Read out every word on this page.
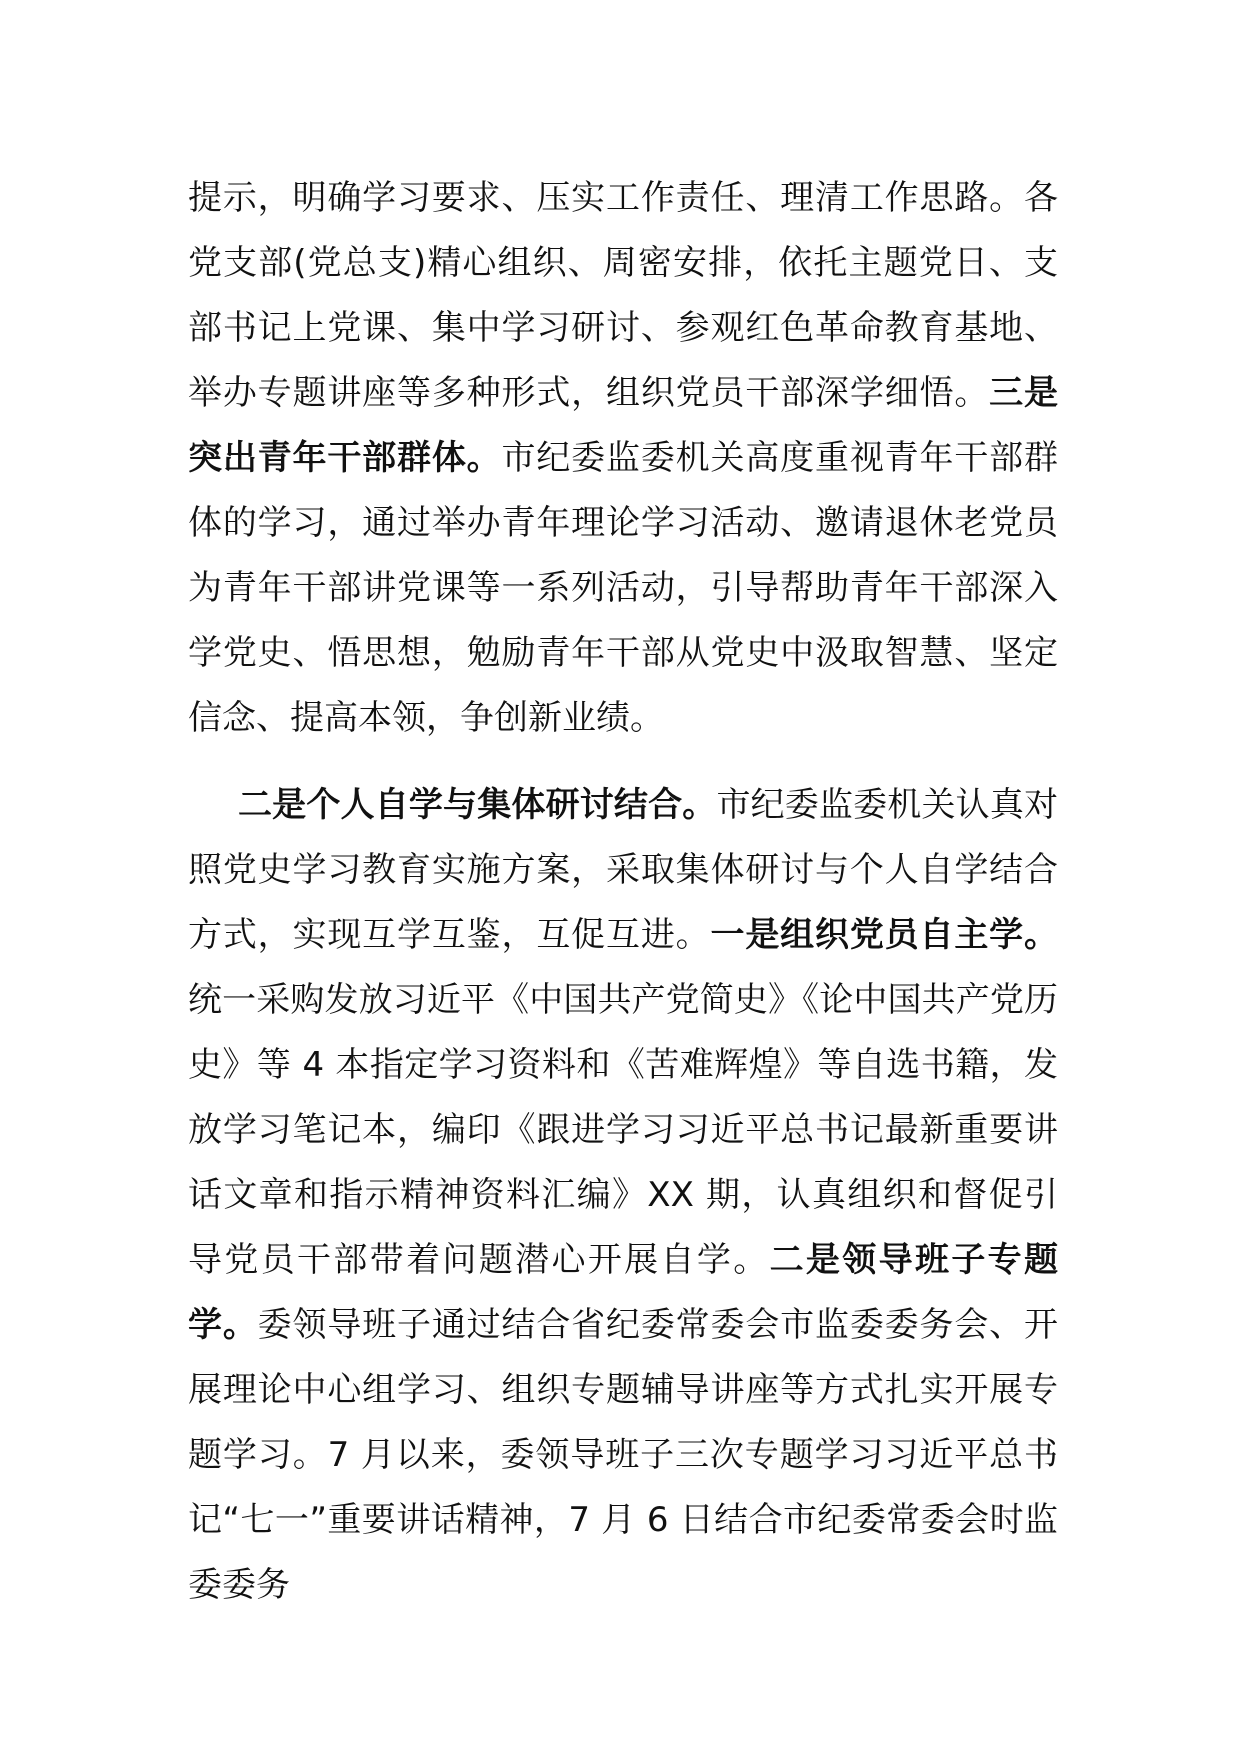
提示，明确学习要求、压实工作责任、理清工作思路。各党支部(党总支)精心组织、周密安排，依托主题党日、支部书记上党课、集中学习研讨、参观红色革命教育基地、举办专题讲座等多种形式，组织党员干部深学细悟。三是突出青年干部群体。市纪委监委机关高度重视青年干部群体的学习，通过举办青年理论学习活动、邀请退休老党员为青年干部讲党课等一系列活动，引导帮助青年干部深入学党史、悟思想，勉励青年干部从党史中汲取智慧、坚定信念、提高本领，争创新业绩。

二是个人自学与集体研讨结合。市纪委监委机关认真对照党史学习教育实施方案，采取集体研讨与个人自学结合方式，实现互学互鉴，互促互进。一是组织党员自主学。统一采购发放习近平《中国共产党简史》《论中国共产党历史》等 4 本指定学习资料和《苦难辉煌》等自选书籍，发放学习笔记本，编印《跟进学习习近平总书记最新重要讲话文章和指示精神资料汇编》XX 期，认真组织和督促引导党员干部带着问题潜心开展自学。二是领导班子专题学。委领导班子通过结合省纪委常委会市监委委务会、开展理论中心组学习、组织专题辅导讲座等方式扎实开展专题学习。7 月以来，委领导班子三次专题学习习近平总书记“七一”重要讲话精神，7 月 6 日结合市纪委常委会时监委委务
